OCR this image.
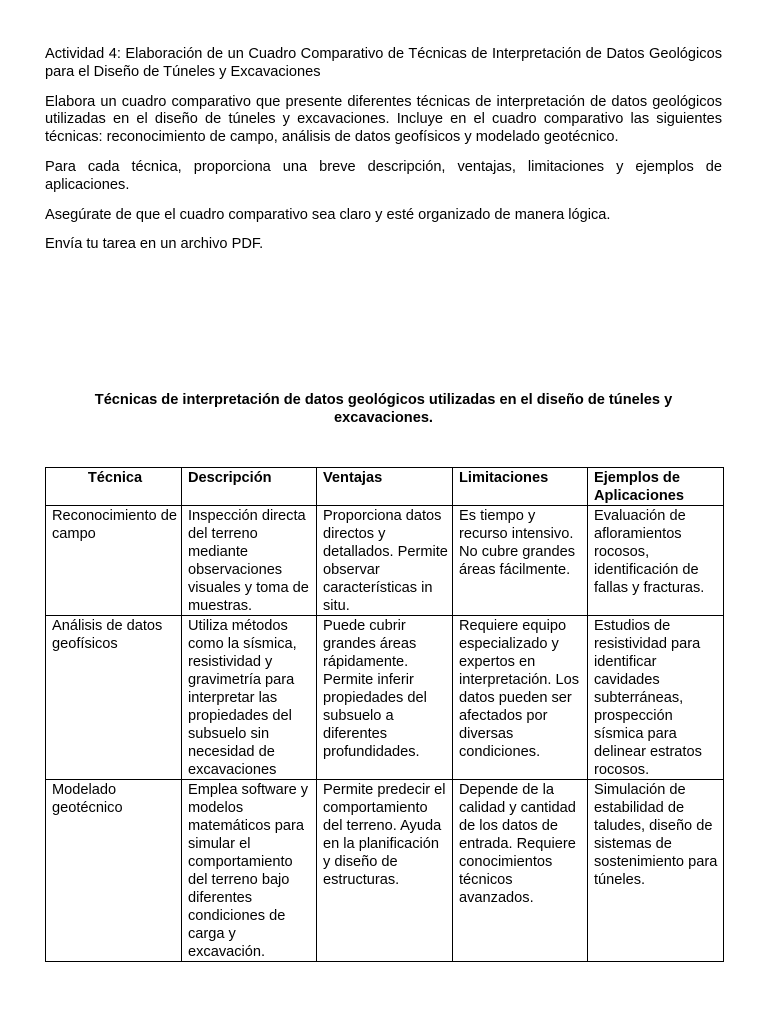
Actividad 4: Elaboración de un Cuadro Comparativo de Técnicas de Interpretación de Datos Geológicos para el Diseño de Túneles y Excavaciones

Elabora un cuadro comparativo que presente diferentes técnicas de interpretación de datos geológicos utilizadas en el diseño de túneles y excavaciones. Incluye en el cuadro comparativo las siguientes técnicas: reconocimiento de campo, análisis de datos geofísicos y modelado geotécnico.

Para cada técnica, proporciona una breve descripción, ventajas, limitaciones y ejemplos de aplicaciones.

Asegúrate de que el cuadro comparativo sea claro y esté organizado de manera lógica.

Envía tu tarea en un archivo PDF.

Técnicas de interpretación de datos geológicos utilizadas en el diseño de túneles y excavaciones.

Técnica	Descripción	Ventajas	Limitaciones	Ejemplos de Aplicaciones
Reconocimiento de campo	Inspección directa del terreno mediante observaciones visuales y toma de muestras.	Proporciona datos directos y detallados. Permite observar características in situ.	Es tiempo y recurso intensivo. No cubre grandes áreas fácilmente.	Evaluación de afloramientos rocosos, identificación de fallas y fracturas.
Análisis de datos geofísicos	Utiliza métodos como la sísmica, resistividad y gravimetría para interpretar las propiedades del subsuelo sin necesidad de excavaciones	Puede cubrir grandes áreas rápidamente. Permite inferir propiedades del subsuelo a diferentes profundidades.	Requiere equipo especializado y expertos en interpretación. Los datos pueden ser afectados por diversas condiciones.	Estudios de resistividad para identificar cavidades subterráneas, prospección sísmica para delinear estratos rocosos.
Modelado geotécnico	Emplea software y modelos matemáticos para simular el comportamiento del terreno bajo diferentes condiciones de carga y excavación.	Permite predecir el comportamiento del terreno. Ayuda en la planificación y diseño de estructuras.	Depende de la calidad y cantidad de los datos de entrada. Requiere conocimientos técnicos avanzados.	Simulación de estabilidad de taludes, diseño de sistemas de sostenimiento para túneles.
